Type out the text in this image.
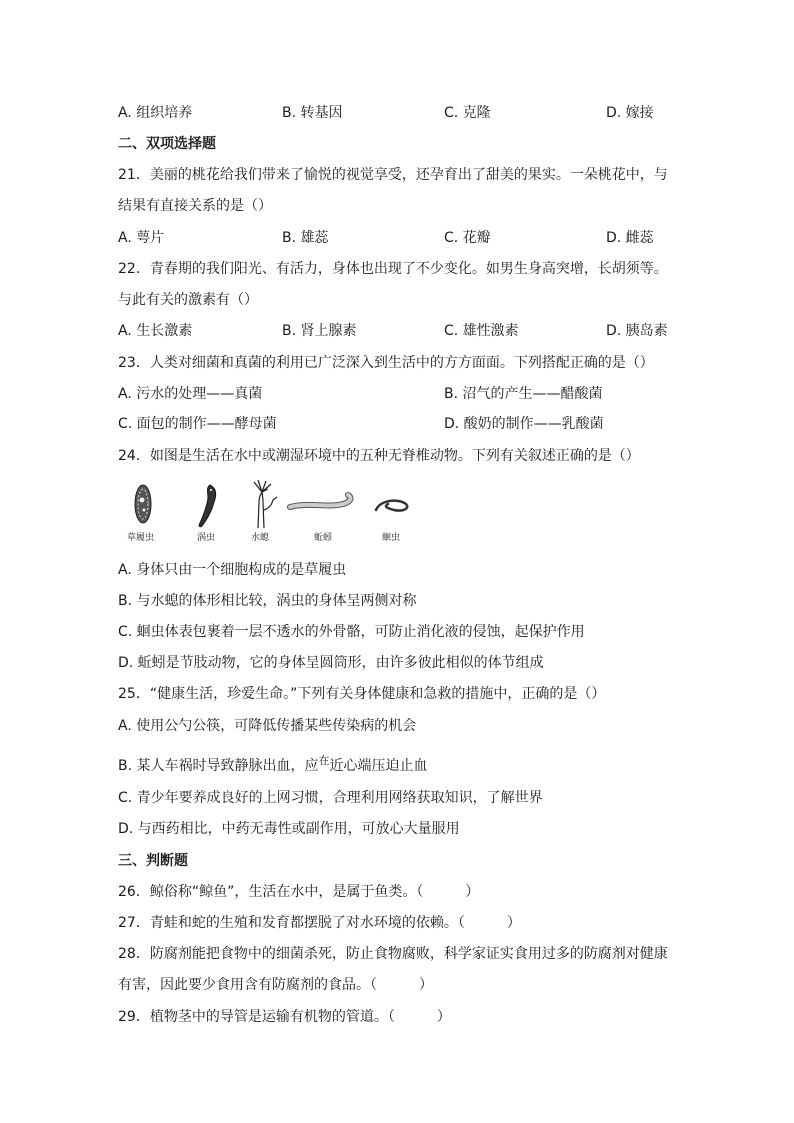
A. 组织培养	B. 转基因	C. 克隆	D. 嫁接
二、双项选择题
21．美丽的桃花给我们带来了愉悦的视觉享受，还孕育出了甜美的果实。一朵桃花中，与
结果有直接关系的是（）
A. 萼片	B. 雄蕊	C. 花瓣	D. 雌蕊
22．青春期的我们阳光、有活力，身体也出现了不少变化。如男生身高突增，长胡须等。
与此有关的激素有（）
A. 生长激素	B. 肾上腺素	C. 雄性激素	D. 胰岛素
23．人类对细菌和真菌的利用已广泛深入到生活中的方方面面。下列搭配正确的是（）
A. 污水的处理——真菌	B. 沼气的产生——醋酸菌
C. 面包的制作——酵母菌	D. 酸奶的制作——乳酸菌
24．如图是生活在水中或潮湿环境中的五种无脊椎动物。下列有关叙述正确的是（）
草履虫	涡虫	水螅	蚯蚓	蛔虫
A. 身体只由一个细胞构成的是草履虫
B. 与水螅的体形相比较，涡虫的身体呈两侧对称
C. 蛔虫体表包裹着一层不透水的外骨骼，可防止消化液的侵蚀，起保护作用
D. 蚯蚓是节肢动物，它的身体呈圆筒形，由许多彼此相似的体节组成
25．“健康生活，珍爱生命。”下列有关身体健康和急救的措施中，正确的是（）
A. 使用公勺公筷，可降低传播某些传染病的机会
B. 某人车祸时导致静脉出血，应$^在$近心端压迫止血
C. 青少年要养成良好的上网习惯，合理利用网络获取知识，了解世界
D. 与西药相比，中药无毒性或副作用，可放心大量服用
三、判断题
26．鲸俗称“鲸鱼”，生活在水中，是属于鱼类。（　　　）
27．青蛙和蛇的生殖和发育都摆脱了对水环境的依赖。（　　　）
28．防腐剂能把食物中的细菌杀死，防止食物腐败，科学家证实食用过多的防腐剂对健康
有害，因此要少食用含有防腐剂的食品。（　　　）
29．植物茎中的导管是运输有机物的管道。（　　　）
